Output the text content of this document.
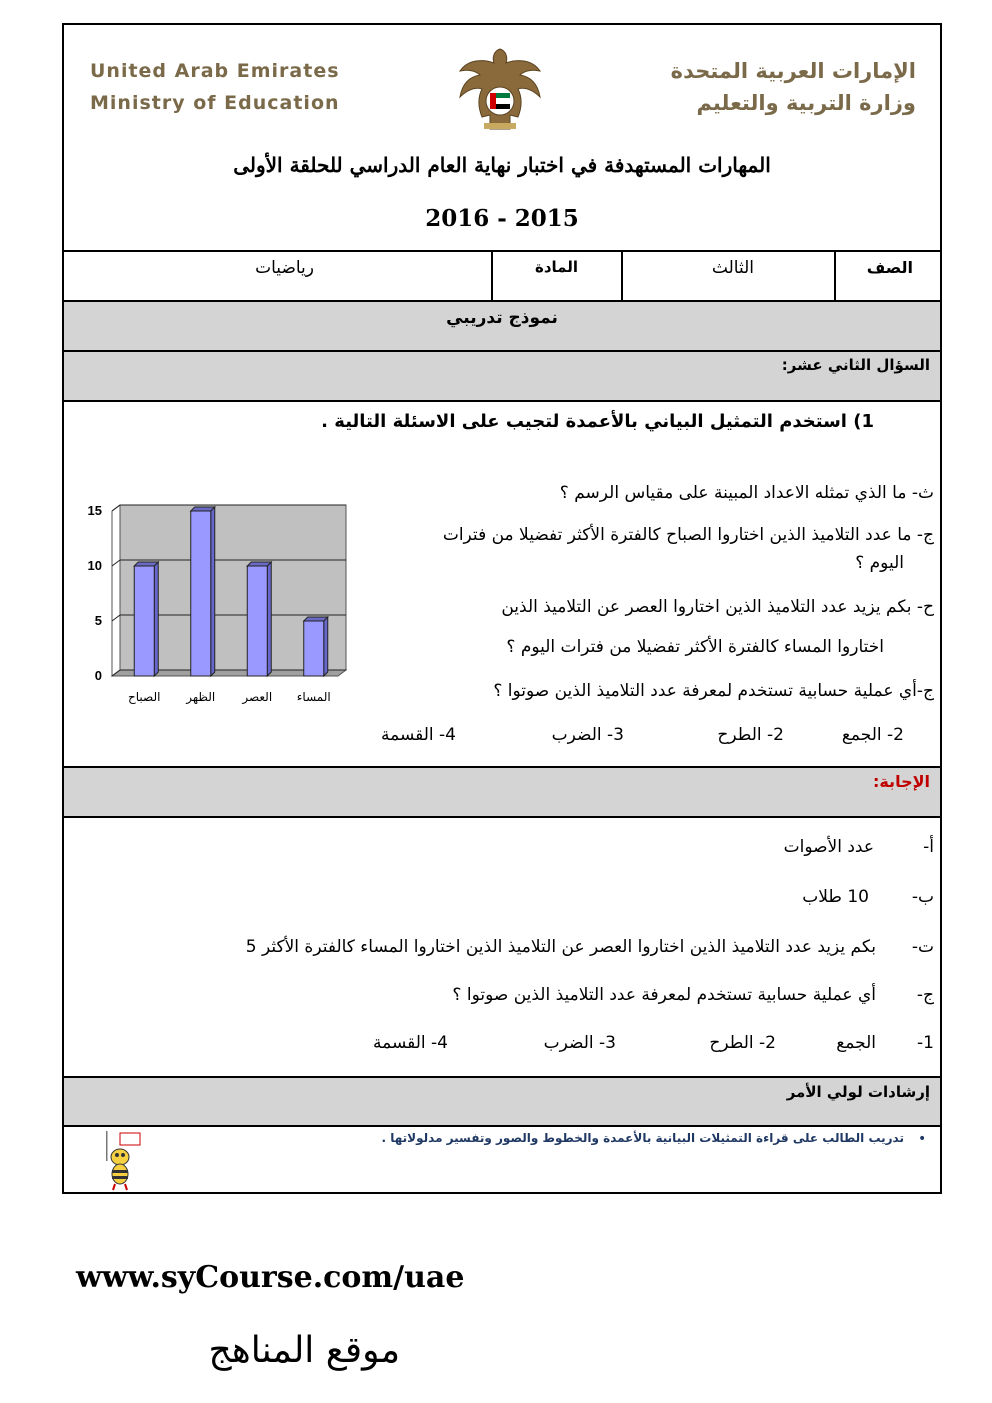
United Arab Emirates
Ministry of Education
الإمارات العربية المتحدة
وزارة التربية والتعليم
المهارات المستهدفة في اختبار نهاية العام الدراسي للحلقة الأولى
2015 - 2016
رياضيات	المادة	الثالث	الصف
نموذج تدريبي
السؤال الثاني عشر:
1) استخدم التمثيل البياني بالأعمدة لتجيب على الاسئلة التالية .
ث- ما الذي تمثله الاعداد المبينة على مقياس الرسم ؟
ج- ما عدد التلاميذ الذين اختاروا الصباح كالفترة الأكثر تفضيلا من فترات
اليوم ؟
ح- بكم يزيد عدد التلاميذ الذين اختاروا العصر عن التلاميذ الذين
اختاروا المساء كالفترة الأكثر تفضيلا من فترات اليوم ؟
ج-أي عملية حسابية تستخدم لمعرفة عدد التلاميذ الذين صوتوا ؟
2- الجمع
2- الطرح
3- الضرب
4- القسمة
0
5
10
15
الصباح الظهر العصر المساء
الإجابة:
أ-
عدد الأصوات
ب-
10 طلاب
ت-
بكم يزيد عدد التلاميذ الذين اختاروا العصر عن التلاميذ الذين اختاروا المساء كالفترة الأكثر 5
ج-
أي عملية حسابية تستخدم لمعرفة عدد التلاميذ الذين صوتوا ؟
1-
الجمع
2- الطرح
3- الضرب
4- القسمة
إرشادات لولي الأمر
تدريب الطالب على قراءة التمثيلات البيانية بالأعمدة والخطوط والصور وتفسير مدلولاتها . •
www.syCourse.com/uae
موقع المناهج
